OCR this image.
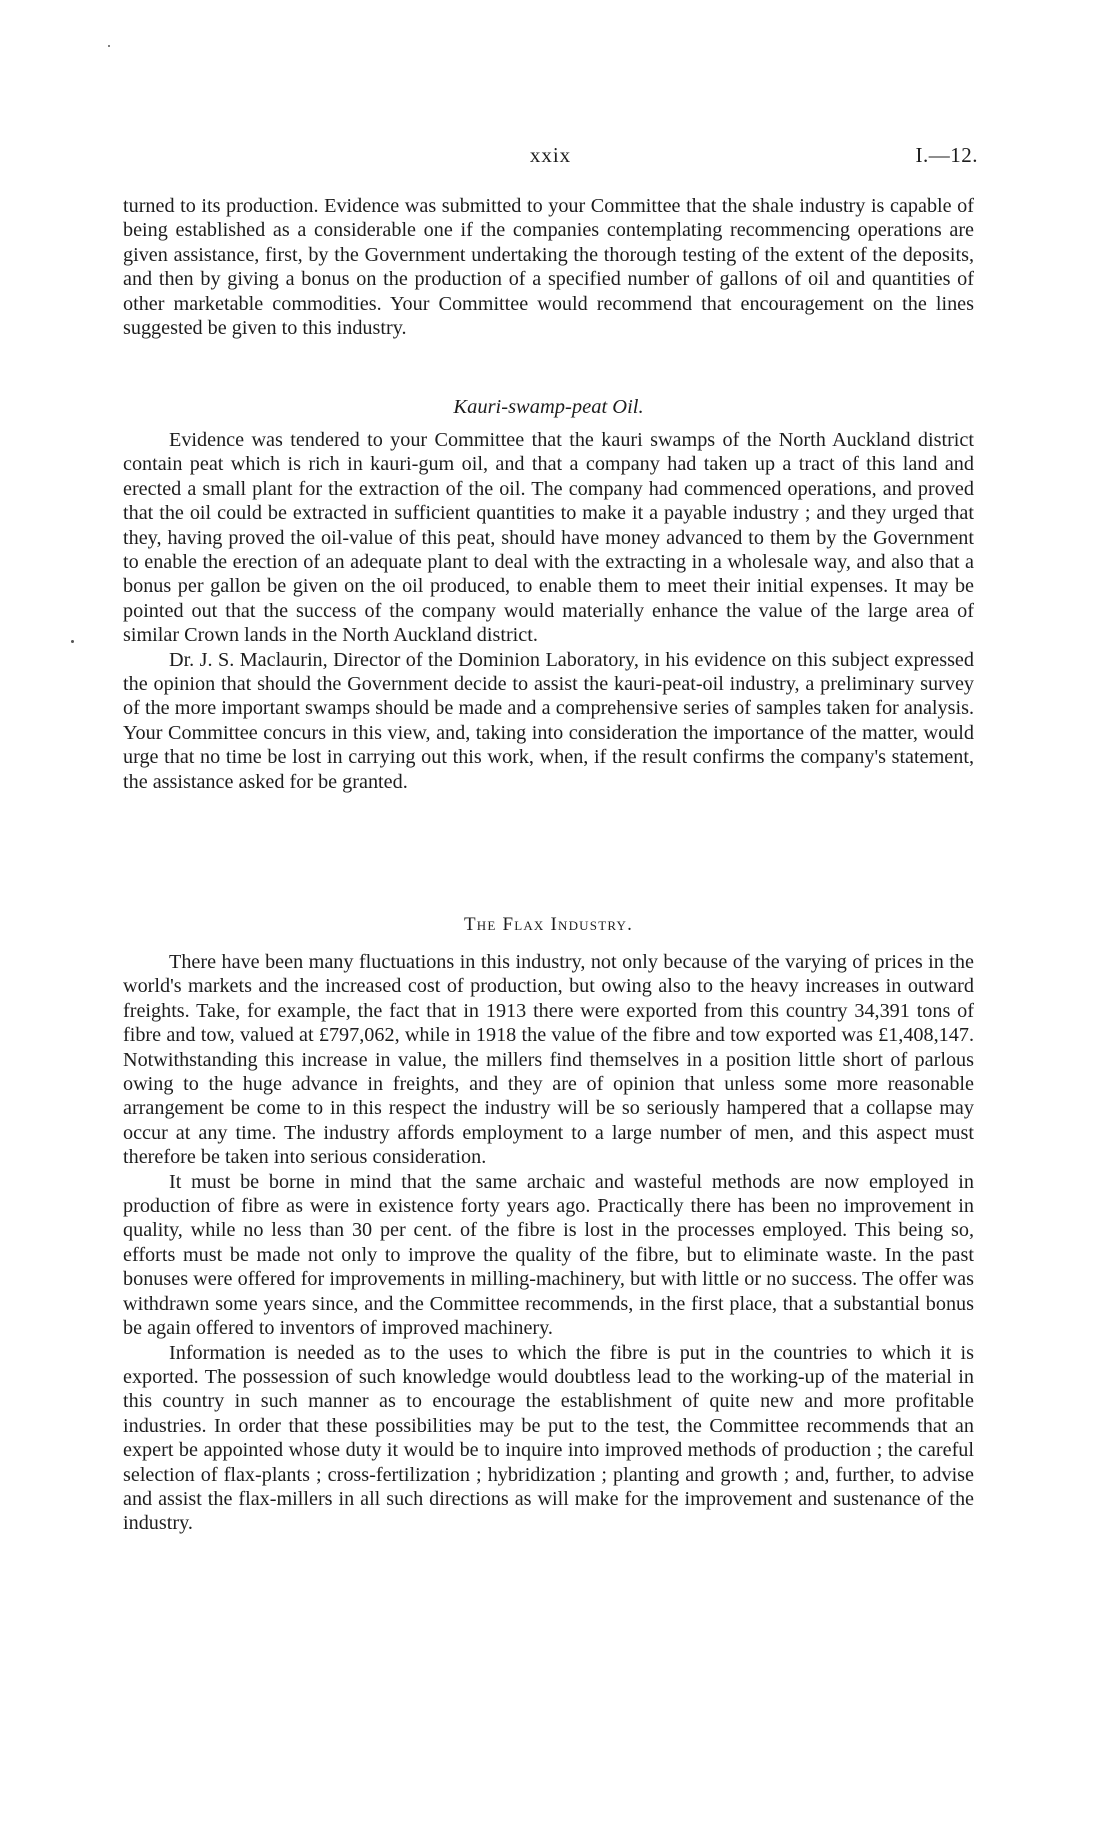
xxix	I.—12.

turned to its production. Evidence was submitted to your Committee that the shale industry is capable of being established as a considerable one if the companies contemplating recommencing operations are given assistance, first, by the Government undertaking the thorough testing of the extent of the deposits, and then by giving a bonus on the production of a specified number of gallons of oil and quantities of other marketable commodities. Your Committee would recommend that encouragement on the lines suggested be given to this industry.

Kauri-swamp-peat Oil.

Evidence was tendered to your Committee that the kauri swamps of the North Auckland district contain peat which is rich in kauri-gum oil, and that a company had taken up a tract of this land and erected a small plant for the extraction of the oil. The company had commenced operations, and proved that the oil could be extracted in sufficient quantities to make it a payable industry ; and they urged that they, having proved the oil-value of this peat, should have money advanced to them by the Government to enable the erection of an adequate plant to deal with the extracting in a wholesale way, and also that a bonus per gallon be given on the oil produced, to enable them to meet their initial expenses. It may be pointed out that the success of the company would materially enhance the value of the large area of similar Crown lands in the North Auckland district.

Dr. J. S. Maclaurin, Director of the Dominion Laboratory, in his evidence on this subject expressed the opinion that should the Government decide to assist the kauri-peat-oil industry, a preliminary survey of the more important swamps should be made and a comprehensive series of samples taken for analysis. Your Committee concurs in this view, and, taking into consideration the importance of the matter, would urge that no time be lost in carrying out this work, when, if the result confirms the company's statement, the assistance asked for be granted.

The Flax Industry.

There have been many fluctuations in this industry, not only because of the varying of prices in the world's markets and the increased cost of production, but owing also to the heavy increases in outward freights. Take, for example, the fact that in 1913 there were exported from this country 34,391 tons of fibre and tow, valued at £797,062, while in 1918 the value of the fibre and tow exported was £1,408,147. Notwithstanding this increase in value, the millers find themselves in a position little short of parlous owing to the huge advance in freights, and they are of opinion that unless some more reasonable arrangement be come to in this respect the industry will be so seriously hampered that a collapse may occur at any time. The industry affords employment to a large number of men, and this aspect must therefore be taken into serious consideration.

It must be borne in mind that the same archaic and wasteful methods are now employed in production of fibre as were in existence forty years ago. Practically there has been no improvement in quality, while no less than 30 per cent. of the fibre is lost in the processes employed. This being so, efforts must be made not only to improve the quality of the fibre, but to eliminate waste. In the past bonuses were offered for improvements in milling-machinery, but with little or no success. The offer was withdrawn some years since, and the Committee recommends, in the first place, that a substantial bonus be again offered to inventors of improved machinery.

Information is needed as to the uses to which the fibre is put in the countries to which it is exported. The possession of such knowledge would doubtless lead to the working-up of the material in this country in such manner as to encourage the establishment of quite new and more profitable industries. In order that these possibilities may be put to the test, the Committee recommends that an expert be appointed whose duty it would be to inquire into improved methods of production ; the careful selection of flax-plants ; cross-fertilization ; hybridization ; planting and growth ; and, further, to advise and assist the flax-millers in all such directions as will make for the improvement and sustenance of the industry.
